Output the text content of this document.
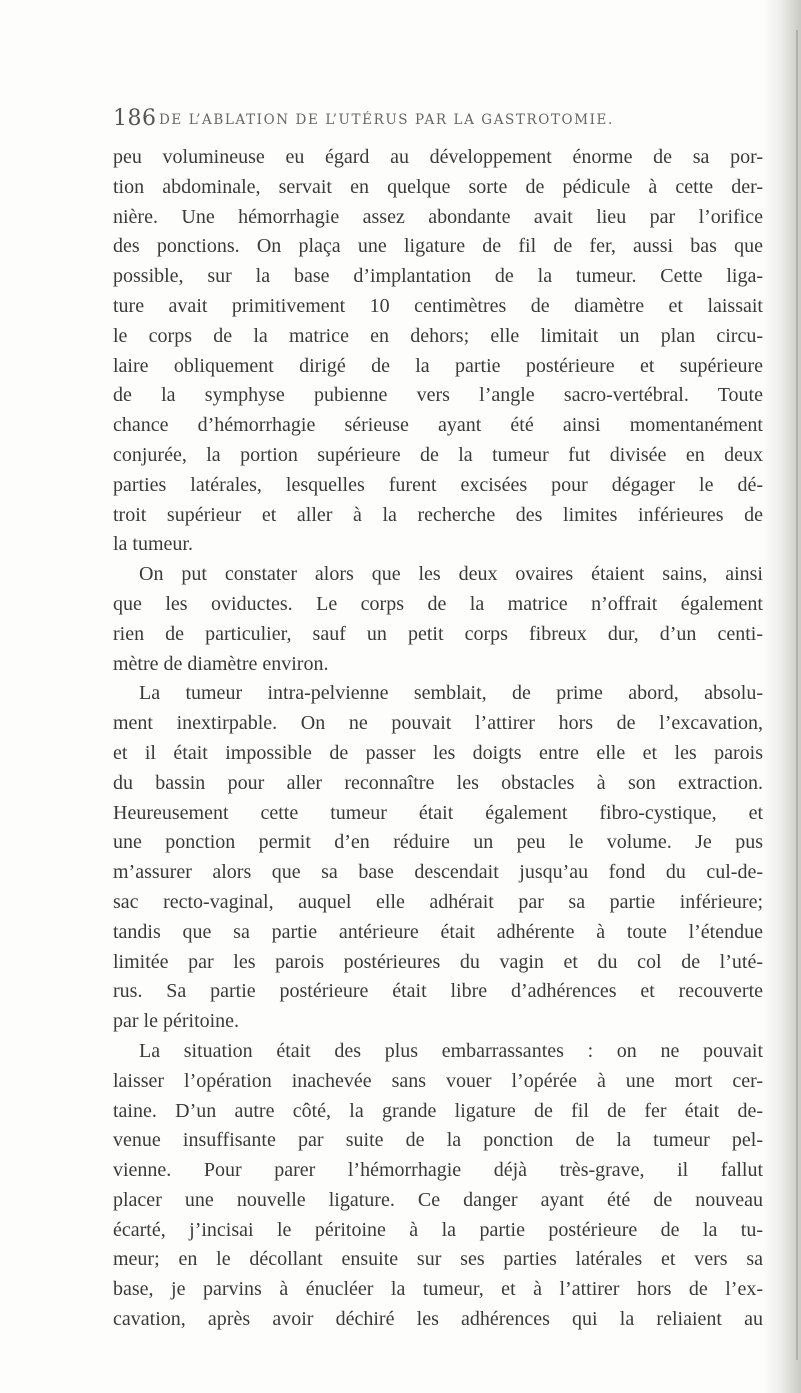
186 DE L’ABLATION DE L’UTÉRUS PAR LA GASTROTOMIE.
peu volumineuse eu égard au développement énorme de sa por-
tion abdominale, servait en quelque sorte de pédicule à cette der-
nière. Une hémorrhagie assez abondante avait lieu par l’orifice
des ponctions. On plaça une ligature de fil de fer, aussi bas que
possible, sur la base d’implantation de la tumeur. Cette liga-
ture avait primitivement 10 centimètres de diamètre et laissait
le corps de la matrice en dehors; elle limitait un plan circu-
laire obliquement dirigé de la partie postérieure et supérieure
de la symphyse pubienne vers l’angle sacro-vertébral. Toute
chance d’hémorrhagie sérieuse ayant été ainsi momentanément
conjurée, la portion supérieure de la tumeur fut divisée en deux
parties latérales, lesquelles furent excisées pour dégager le dé-
troit supérieur et aller à la recherche des limites inférieures de
la tumeur.
On put constater alors que les deux ovaires étaient sains, ainsi
que les oviductes. Le corps de la matrice n’offrait également
rien de particulier, sauf un petit corps fibreux dur, d’un centi-
mètre de diamètre environ.
La tumeur intra-pelvienne semblait, de prime abord, absolu-
ment inextirpable. On ne pouvait l’attirer hors de l’excavation,
et il était impossible de passer les doigts entre elle et les parois
du bassin pour aller reconnaître les obstacles à son extraction.
Heureusement cette tumeur était également fibro-cystique, et
une ponction permit d’en réduire un peu le volume. Je pus
m’assurer alors que sa base descendait jusqu’au fond du cul-de-
sac recto-vaginal, auquel elle adhérait par sa partie inférieure;
tandis que sa partie antérieure était adhérente à toute l’étendue
limitée par les parois postérieures du vagin et du col de l’uté-
rus. Sa partie postérieure était libre d’adhérences et recouverte
par le péritoine.
La situation était des plus embarrassantes : on ne pouvait
laisser l’opération inachevée sans vouer l’opérée à une mort cer-
taine. D’un autre côté, la grande ligature de fil de fer était de-
venue insuffisante par suite de la ponction de la tumeur pel-
vienne. Pour parer l’hémorrhagie déjà très-grave, il fallut
placer une nouvelle ligature. Ce danger ayant été de nouveau
écarté, j’incisai le péritoine à la partie postérieure de la tu-
meur; en le décollant ensuite sur ses parties latérales et vers sa
base, je parvins à énucléer la tumeur, et à l’attirer hors de l’ex-
cavation, après avoir déchiré les adhérences qui la reliaient au
